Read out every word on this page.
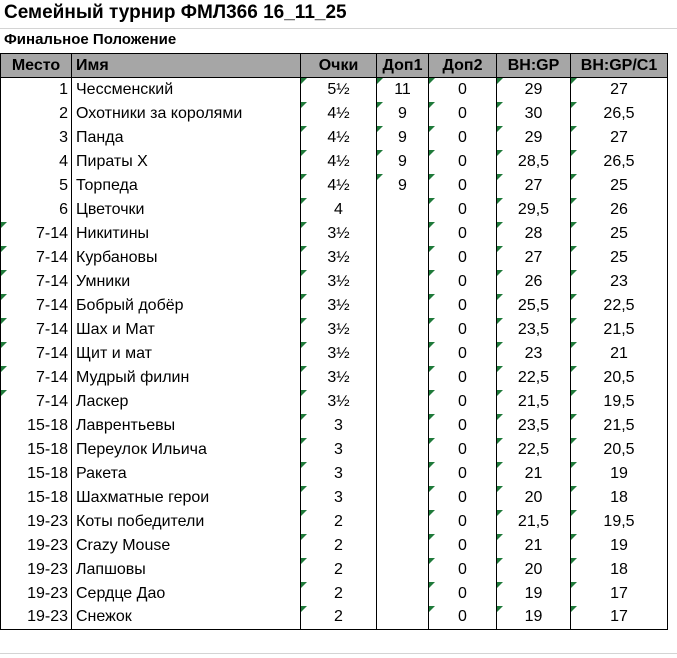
Семейный турнир ФМЛ366 16_11_25
Финальное Положение
Место	Имя	Очки	Доп1	Доп2	BH:GP	BH:GP/C1
1	Чессменский	5½	11	0	29	27
2	Охотники за королями	4½	9	0	30	26,5
3	Панда	4½	9	0	29	27
4	Пираты Х	4½	9	0	28,5	26,5
5	Торпеда	4½	9	0	27	25
6	Цветочки	4		0	29,5	26
7-14	Никитины	3½		0	28	25
7-14	Курбановы	3½		0	27	25
7-14	Умники	3½		0	26	23
7-14	Бобрый добёр	3½		0	25,5	22,5
7-14	Шах и Мат	3½		0	23,5	21,5
7-14	Щит и мат	3½		0	23	21
7-14	Мудрый филин	3½		0	22,5	20,5
7-14	Ласкер	3½		0	21,5	19,5
15-18	Лаврентьевы	3		0	23,5	21,5
15-18	Переулок Ильича	3		0	22,5	20,5
15-18	Ракета	3		0	21	19
15-18	Шахматные герои	3		0	20	18
19-23	Коты победители	2		0	21,5	19,5
19-23	Crazy Mouse	2		0	21	19
19-23	Лапшовы	2		0	20	18
19-23	Сердце Дао	2		0	19	17
19-23	Снежок	2		0	19	17
